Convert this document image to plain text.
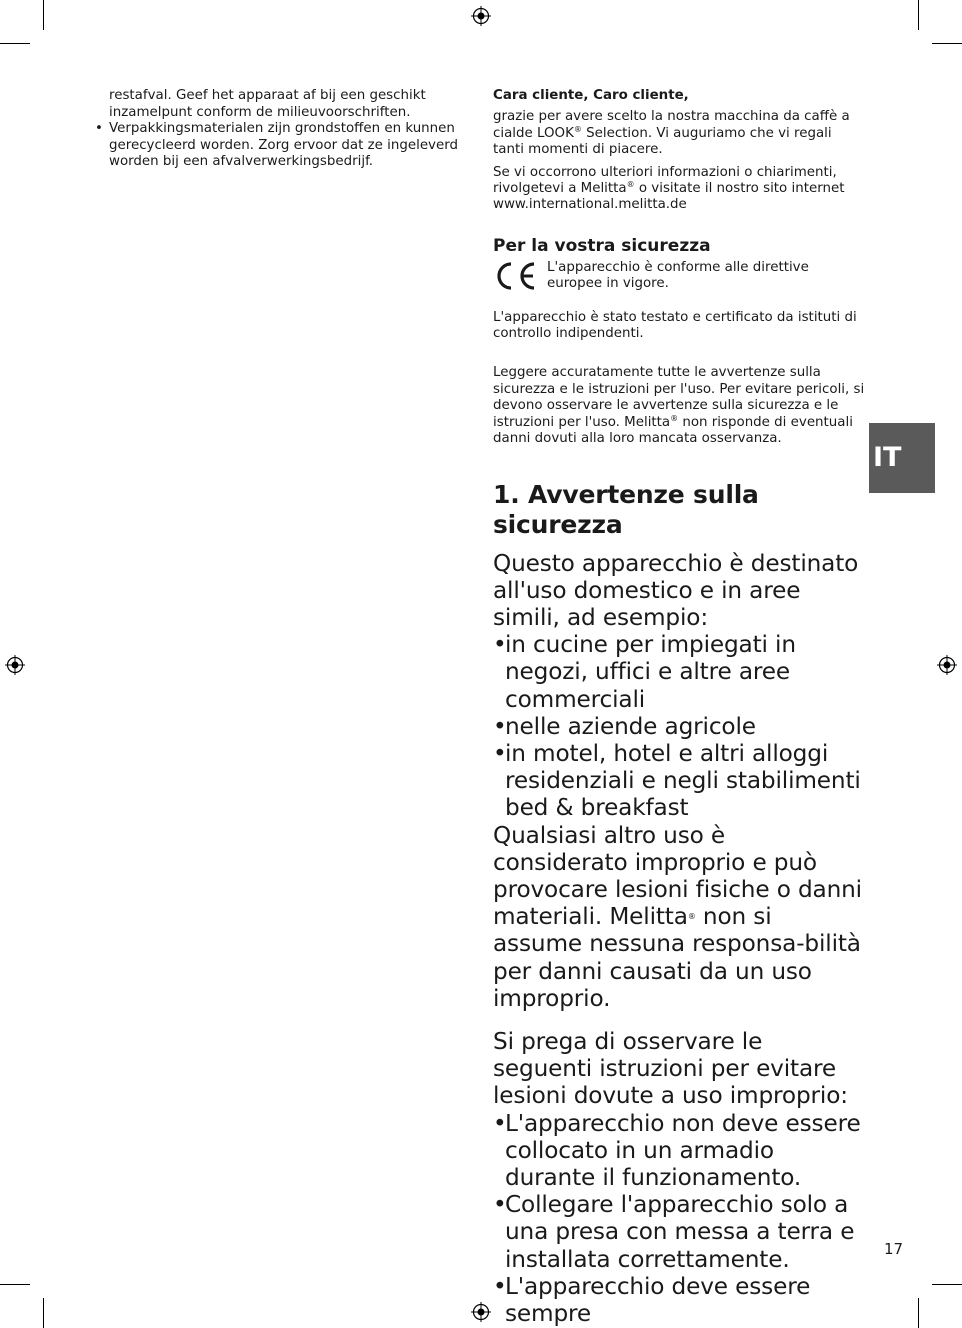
restafval. Geef het apparaat af bij een geschikt inzamelpunt conform de milieuvoorschriften.

• Verpakkingsmaterialen zijn grondstoffen en kunnen gerecycleerd worden. Zorg ervoor dat ze ingeleverd worden bij een afvalverwerkingsbedrijf.

Cara cliente, Caro cliente,

grazie per avere scelto la nostra macchina da caffè a cialde LOOK® Selection. Vi auguriamo che vi regali tanti momenti di piacere.

Se vi occorrono ulteriori informazioni o chiarimenti, rivolgetevi a Melitta® o visitate il nostro sito internet www.international.melitta.de

Per la vostra sicurezza
L'apparecchio è conforme alle direttive europee in vigore.

L'apparecchio è stato testato e certificato da istituti di controllo indipendenti.

Leggere accuratamente tutte le avvertenze sulla sicurezza e le istruzioni per l'uso. Per evitare pericoli, si devono osservare le avvertenze sulla sicurezza e le istruzioni per l'uso. Melitta® non risponde di eventuali danni dovuti alla loro mancata osservanza.

1. Avvertenze sulla sicurezza

Questo apparecchio è destinato all'uso domestico e in aree simili, ad esempio:

•
in cucine per impiegati in negozi, uffici e altre aree commerciali
•
nelle aziende agricole
•
in motel, hotel e altri alloggi residenziali e negli stabilimenti bed & breakfast

Qualsiasi altro uso è considerato improprio e può provocare lesioni fisiche o danni materiali. Melitta® non si assume nessuna responsa-bilità per danni causati da un uso improprio.

Si prega di osservare le seguenti istruzioni per evitare lesioni dovute a uso improprio:

•
L'apparecchio non deve essere collocato in un armadio durante il funzionamento.
•
Collegare l'apparecchio solo a una presa con messa a terra e installata correttamente.
•
L'apparecchio deve essere sempre
IT
17
